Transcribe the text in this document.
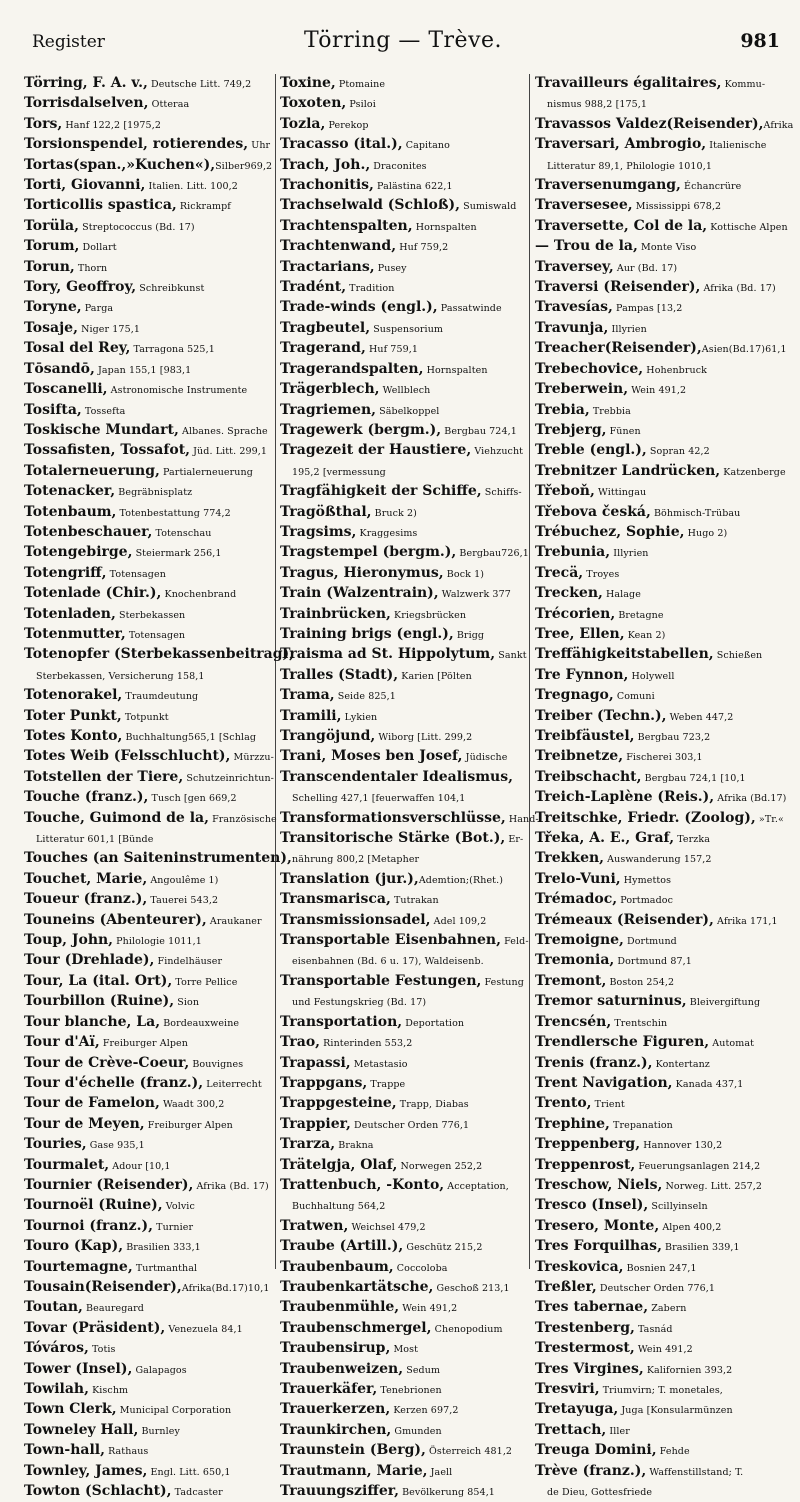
Register	Törring — Trève.	981
Törring, F. A. v., Deutsche Litt. 749,2
Torrisdalselven, Otteraa
Tors, Hanf 122,2 [1975,2
Torsionspendel, rotierendes, Uhr
Tortas(span.,»Kuchen«),Silber969,2
Torti, Giovanni, Italien. Litt. 100,2
Torticollis spastica, Rickrampf
Torüla, Streptococcus (Bd. 17)
Torum, Dollart
Torun, Thorn
Tory, Geoffroy, Schreibkunst
Toryne, Parga
Tosaje, Niger 175,1
Tosal del Rey, Tarragona 525,1
Tōsandō, Japan 155,1 [983,1
Toscanelli, Astronomische Instrumente
Tosifta, Tossefta
Toskische Mundart, Albanes. Sprache
Tossafisten, Tossafot, Jüd. Litt. 299,1
Totalerneuerung, Partialerneuerung
Totenacker, Begräbnisplatz
Totenbaum, Totenbestattung 774,2
Totenbeschauer, Totenschau
Totengebirge, Steiermark 256,1
Totengriff, Totensagen
Totenlade (Chir.), Knochenbrand
Totenladen, Sterbekassen
Totenmutter, Totensagen
Totenopfer (Sterbekassenbeitrag),
Sterbekassen, Versicherung 158,1
Totenorakel, Traumdeutung
Toter Punkt, Totpunkt
Totes Konto, Buchhaltung565,1 [Schlag
Totes Weib (Felsschlucht), Mürzzu-
Totstellen der Tiere, Schutzeinrichtun-
Touche (franz.), Tusch [gen 669,2
Touche, Guimond de la, Französische
Litteratur 601,1 [Bünde
Touches (an Saiteninstrumenten),
Touchet, Marie, Angoulême 1)
Toueur (franz.), Tauerei 543,2
Touneins (Abenteurer), Araukaner
Toup, John, Philologie 1011,1
Tour (Drehlade), Findelhäuser
Tour, La (ital. Ort), Torre Pellice
Tourbillon (Ruine), Sion
Tour blanche, La, Bordeauxweine
Tour d'Aï, Freiburger Alpen
Tour de Crève-Coeur, Bouvignes
Tour d'échelle (franz.), Leiterrecht
Tour de Famelon, Waadt 300,2
Tour de Meyen, Freiburger Alpen
Touries, Gase 935,1
Tourmalet, Adour [10,1
Tournier (Reisender), Afrika (Bd. 17)
Tournoël (Ruine), Volvic
Tournoi (franz.), Turnier
Touro (Kap), Brasilien 333,1
Tourtemagne, Turtmanthal
Tousain(Reisender),Afrika(Bd.17)10,1
Toutan, Beauregard
Tovar (Präsident), Venezuela 84,1
Tóváros, Totis
Tower (Insel), Galapagos
Towilah, Kischm
Town Clerk, Municipal Corporation
Towneley Hall, Burnley
Town-hall, Rathaus
Townley, James, Engl. Litt. 650,1
Towton (Schlacht), Tadcaster
Toxine, Ptomaine
Toxoten, Psiloi
Tozla, Perekop
Tracasso (ital.), Capitano
Trach, Joh., Draconites
Trachonitis, Palästina 622,1
Trachselwald (Schloß), Sumiswald
Trachtenspalten, Hornspalten
Trachtenwand, Huf 759,2
Tractarians, Pusey
Tradént, Tradition
Trade-winds (engl.), Passatwinde
Tragbeutel, Suspensorium
Tragerand, Huf 759,1
Tragerandspalten, Hornspalten
Trägerblech, Wellblech
Tragriemen, Säbelkoppel
Tragewerk (bergm.), Bergbau 724,1
Tragezeit der Haustiere, Viehzucht
195,2 [vermessung
Tragfähigkeit der Schiffe, Schiffs-
Tragößthal, Bruck 2)
Tragsims, Kraggesims
Tragstempel (bergm.), Bergbau726,1
Tragus, Hieronymus, Bock 1)
Train (Walzentrain), Walzwerk 377
Trainbrücken, Kriegsbrücken
Training brigs (engl.), Brigg
Traisma ad St. Hippolytum, Sankt
Tralles (Stadt), Karien [Pölten
Trama, Seide 825,1
Tramili, Lykien
Trangöjund, Wiborg [Litt. 299,2
Trani, Moses ben Josef, Jüdische
Transcendentaler Idealismus,
Schelling 427,1 [feuerwaffen 104,1
Transformationsverschlüsse, Hand-
Transitorische Stärke (Bot.), Er-
nährung 800,2 [Metapher
Translation (jur.),Ademtion;(Rhet.)
Transmarisca, Tutrakan
Transmissionsadel, Adel 109,2
Transportable Eisenbahnen, Feld-
eisenbahnen (Bd. 6 u. 17), Waldeisenb.
Transportable Festungen, Festung
und Festungskrieg (Bd. 17)
Transportation, Deportation
Trao, Rinterinden 553,2
Trapassi, Metastasio
Trappgans, Trappe
Trappgesteine, Trapp, Diabas
Trappier, Deutscher Orden 776,1
Trarza, Brakna
Trätelgja, Olaf, Norwegen 252,2
Trattenbuch, -Konto, Acceptation,
Buchhaltung 564,2
Tratwen, Weichsel 479,2
Traube (Artill.), Geschütz 215,2
Traubenbaum, Coccoloba
Traubenkartätsche, Geschoß 213,1
Traubenmühle, Wein 491,2
Traubenschmergel, Chenopodium
Traubensirup, Most
Traubenweizen, Sedum
Trauerkäfer, Tenebrionen
Trauerkerzen, Kerzen 697,2
Traunkirchen, Gmunden
Traunstein (Berg), Österreich 481,2
Trautmann, Marie, Jaell
Trauungsziffer, Bevölkerung 854,1
Travailleurs égalitaires, Kommu-
nismus 988,2 [175,1
Travassos Valdez(Reisender),Afrika
Traversari, Ambrogio, Italienische
Litteratur 89,1, Philologie 1010,1
Traversenumgang, Échancrüre
Traversesee, Mississippi 678,2
Traversette, Col de la, Kottische Alpen
— Trou de la, Monte Viso
Traversey, Aur (Bd. 17)
Traversi (Reisender), Afrika (Bd. 17)
Travesías, Pampas [13,2
Travunja, Illyrien
Treacher(Reisender),Asien(Bd.17)61,1
Trebechovice, Hohenbruck
Treberwein, Wein 491,2
Trebia, Trebbia
Trebjerg, Fünen
Treble (engl.), Sopran 42,2
Trebnitzer Landrücken, Katzenberge
Třeboň, Wittingau
Třebova česká, Böhmisch-Trübau
Trébuchez, Sophie, Hugo 2)
Trebunia, Illyrien
Trecä, Troyes
Trecken, Halage
Trécorien, Bretagne
Tree, Ellen, Kean 2)
Treffähigkeitstabellen, Schießen
Tre Fynnon, Holywell
Tregnago, Comuni
Treiber (Techn.), Weben 447,2
Treibfäustel, Bergbau 723,2
Treibnetze, Fischerei 303,1
Treibschacht, Bergbau 724,1 [10,1
Treich-Laplène (Reis.), Afrika (Bd.17)
Treitschke, Friedr. (Zoolog), »Tr.«
Třeka, A. E., Graf, Terzka
Trekken, Auswanderung 157,2
Trelo-Vuni, Hymettos
Trémadoc, Portmadoc
Trémeaux (Reisender), Afrika 171,1
Tremoigne, Dortmund
Tremonia, Dortmund 87,1
Tremont, Boston 254,2
Tremor saturninus, Bleivergiftung
Trencsén, Trentschin
Trendlersche Figuren, Automat
Trenis (franz.), Kontertanz
Trent Navigation, Kanada 437,1
Trento, Trient
Trephine, Trepanation
Treppenberg, Hannover 130,2
Treppenrost, Feuerungsanlagen 214,2
Treschow, Niels, Norweg. Litt. 257,2
Tresco (Insel), Scillyinseln
Tresero, Monte, Alpen 400,2
Tres Forquilhas, Brasilien 339,1
Treskovica, Bosnien 247,1
Treßler, Deutscher Orden 776,1
Tres tabernae, Zabern
Trestenberg, Tasnád
Trestermost, Wein 491,2
Tres Virgines, Kalifornien 393,2
Tresviri, Triumvirn; T. monetales,
Tretayuga, Juga [Konsularmünzen
Trettach, Iller
Treuga Domini, Fehde
Trève (franz.), Waffenstillstand; T.
de Dieu, Gottesfriede
